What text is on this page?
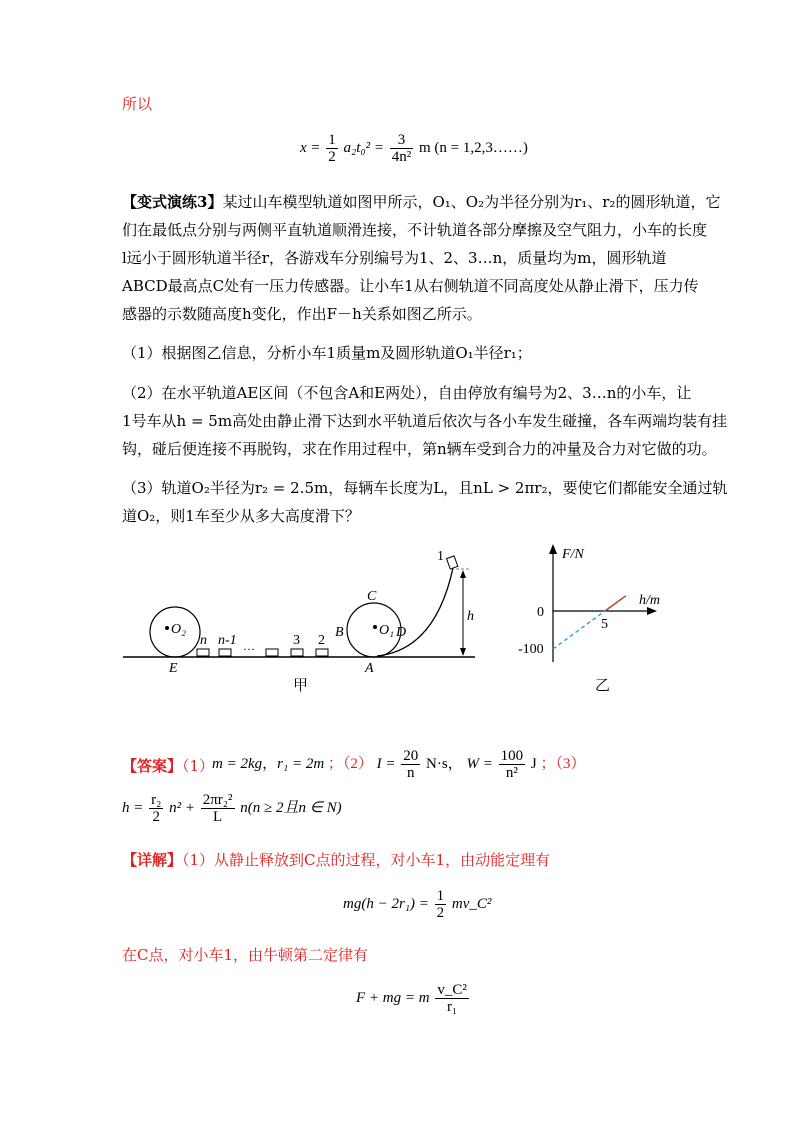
所以
$x = \frac{1}{2} a_2t_0^2 = \frac{3}{\text{4n²}}$ m (n = 1,2,3……)
【变式演练3】某过山车模型轨道如图甲所示，O₁、O₂为半径分别为r₁、r₂的圆形轨道，它
们在最低点分别与两侧平直轨道顺滑连接，不计轨道各部分摩擦及空气阻力，小车的长度
l远小于圆形轨道半径r，各游戏车分别编号为1、2、3…n，质量均为m，圆形轨道
ABCD最高点C处有一压力传感器。让小车1从右侧轨道不同高度处从静止滑下，压力传
感器的示数随高度h变化，作出F－h关系如图乙所示。
（1）根据图乙信息，分析小车1质量m及圆形轨道O₁半径r₁；
（2）在水平轨道AE区间（不包含A和E两处），自由停放有编号为2、3…n的小车，让
1号车从h = 5m高处由静止滑下达到水平轨道后依次与各小车发生碰撞，各车两端均装有挂
钩，碰后便连接不再脱钩，求在作用过程中，第n辆车受到合力的冲量及合力对它做的功。
（3）轨道O₂半径为r₂ = 2.5m，每辆车长度为L，且nL > 2πr₂，要使它们都能安全通过轨
道O₂，则1车至少从多大高度滑下？
O₂
E
n n-1 …	3 2
C
B	O₁ D
A
1
h
甲
F/N
h/m
0
-100
乙
5
【答案】（1）
m = 2kg，r₁ = 2m ；（2） $I = \frac{20}{n} N\cdot s$， $W = \frac{100}{\text{n²}}$ J ；（3）
$h = \frac{\text{r₂}}{2} n^2 + \frac{\text{2πr₂²}}{L} n(n \ge 2$且n ∈ N)
【详解】（1）从静止释放到C点的过程，对小车1，由动能定理有
$mg(h - 2r_1) = \frac{1}{2}$ mv_C²
在C点，对小车1，由牛顿第二定律有
F + mg = m $\frac{\text{v\_C²}}{\text{r₁}}$
